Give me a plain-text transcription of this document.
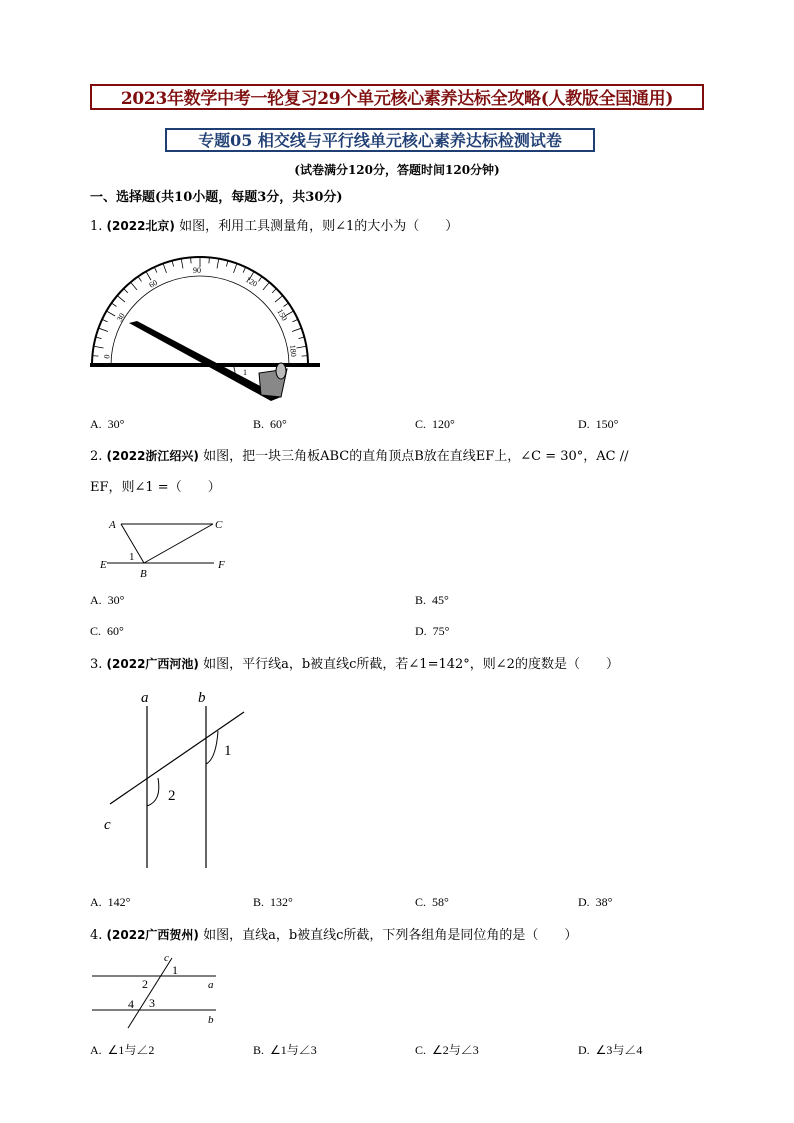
2023年数学中考一轮复习29个单元核心素养达标全攻略(人教版全国通用)
专题05 相交线与平行线单元核心素养达标检测试卷
(试卷满分120分，答题时间120分钟)
一、选择题(共10小题，每题3分，共30分)
1. (2022北京) 如图，利用工具测量角，则∠1的大小为（　　）
0
30
60
90
120
150
180
1
A. 30°	B. 60°	C. 120°	D. 150°
2. (2022浙江绍兴) 如图，把一块三角板ABC的直角顶点B放在直线EF上，∠C = 30°，AC //
EF，则∠1 =（　　）
A	C
E	F
B
1
A. 30°	B. 45°
C. 60°	D. 75°
3. (2022广西河池) 如图，平行线a，b被直线c所截，若∠1=142°，则∠2的度数是（　　）
a	b
c
1
2
A. 142°	B. 132°	C. 58°	D. 38°
4. (2022广西贺州) 如图，直线a，b被直线c所截，下列各组角是同位角的是（　　）
c
1
2	a
4 3
b
A. ∠1与∠2	B. ∠1与∠3	C. ∠2与∠3	D. ∠3与∠4
